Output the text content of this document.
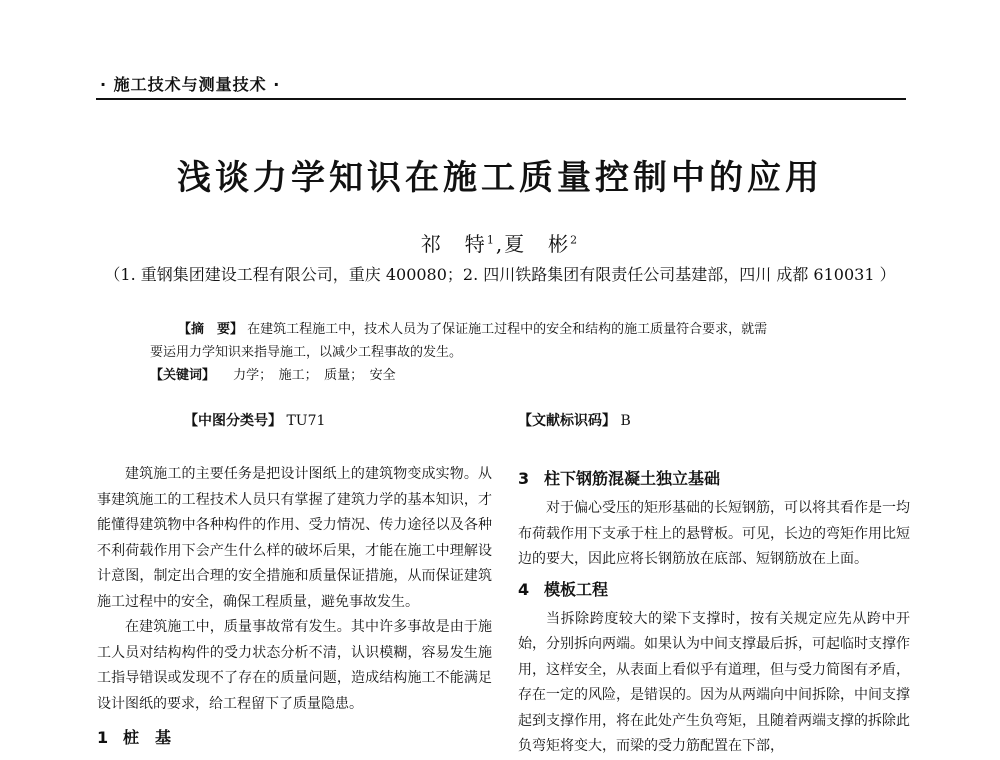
· 施工技术与测量技术 ·
浅谈力学知识在施工质量控制中的应用
祁　特$^1$,夏　彬$^2$
（1. 重钢集团建设工程有限公司，重庆 400080；2. 四川铁路集团有限责任公司基建部，四川 成都 610031 ）

【摘　要】 在建筑工程施工中，技术人员为了保证施工过程中的安全和结构的施工质量符合要求，就需

要运用力学知识来指导施工，以减少工程事故的发生。

【关键词】 力学；　施工；　质量；　安全

【中图分类号】 TU71	【文献标识码】 B

建筑施工的主要任务是把设计图纸上的建筑物变成实物。从事建筑施工的工程技术人员只有掌握了建筑力学的基本知识，才能懂得建筑物中各种构件的作用、受力情况、传力途径以及各种不利荷载作用下会产生什么样的破坏后果，才能在施工中理解设计意图，制定出合理的安全措施和质量保证措施，从而保证建筑施工过程中的安全，确保工程质量，避免事故发生。

在建筑施工中，质量事故常有发生。其中许多事故是由于施工人员对结构构件的受力状态分析不清，认识模糊，容易发生施工指导错误或发现不了存在的质量问题，造成结构施工不能满足设计图纸的要求，给工程留下了质量隐患。

1 桩　基
3 柱下钢筋混凝土独立基础

对于偏心受压的矩形基础的长短钢筋，可以将其看作是一均布荷载作用下支承于柱上的悬臂板。可见，长边的弯矩作用比短边的要大，因此应将长钢筋放在底部、短钢筋放在上面。

4 模板工程

当拆除跨度较大的梁下支撑时，按有关规定应先从跨中开始，分别拆向两端。如果认为中间支撑最后拆，可起临时支撑作用，这样安全，从表面上看似乎有道理，但与受力简图有矛盾，存在一定的风险，是错误的。因为从两端向中间拆除，中间支撑起到支撑作用，将在此处产生负弯矩，且随着两端支撑的拆除此负弯矩将变大，而梁的受力筋配置在下部，
